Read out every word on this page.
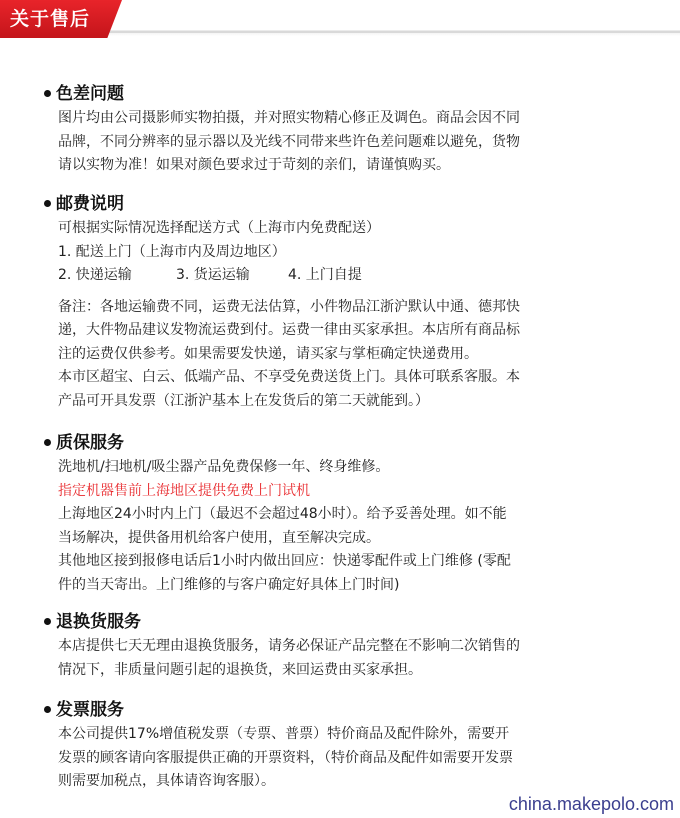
关于售后
色差问题

图片均由公司摄影师实物拍摄，并对照实物精心修正及调色。商品会因不同

品牌，不同分辨率的显示器以及光线不同带来些许色差问题难以避免，货物

请以实物为准！如果对颜色要求过于苛刻的亲们，请谨慎购买。

邮费说明

可根据实际情况选择配送方式（上海市内免费配送）

1. 配送上门（上海市内及周边地区）

2. 快递运输	3. 货运运输	4. 上门自提

备注：各地运输费不同，运费无法估算，小件物品江浙沪默认中通、德邦快

递，大件物品建议发物流运费到付。运费一律由买家承担。本店所有商品标

注的运费仅供参考。如果需要发快递，请买家与掌柜确定快递费用。

本市区超宝、白云、低端产品、不享受免费送货上门。具体可联系客服。本

产品可开具发票（江浙沪基本上在发货后的第二天就能到。）

质保服务

洗地机/扫地机/吸尘器产品免费保修一年、终身维修。

指定机器售前上海地区提供免费上门试机

上海地区24小时内上门（最迟不会超过48小时）。给予妥善处理。如不能

当场解决，提供备用机给客户使用，直至解决完成。

其他地区接到报修电话后1小时内做出回应：快递零配件或上门维修 (零配

件的当天寄出。上门维修的与客户确定好具体上门时间)

退换货服务

本店提供七天无理由退换货服务，请务必保证产品完整在不影响二次销售的

情况下，非质量问题引起的退换货，来回运费由买家承担。

发票服务

本公司提供17%增值税发票（专票、普票）特价商品及配件除外，需要开

发票的顾客请向客服提供正确的开票资料，（特价商品及配件如需要开发票

则需要加税点，具体请咨询客服）。

china.makepolo.com
